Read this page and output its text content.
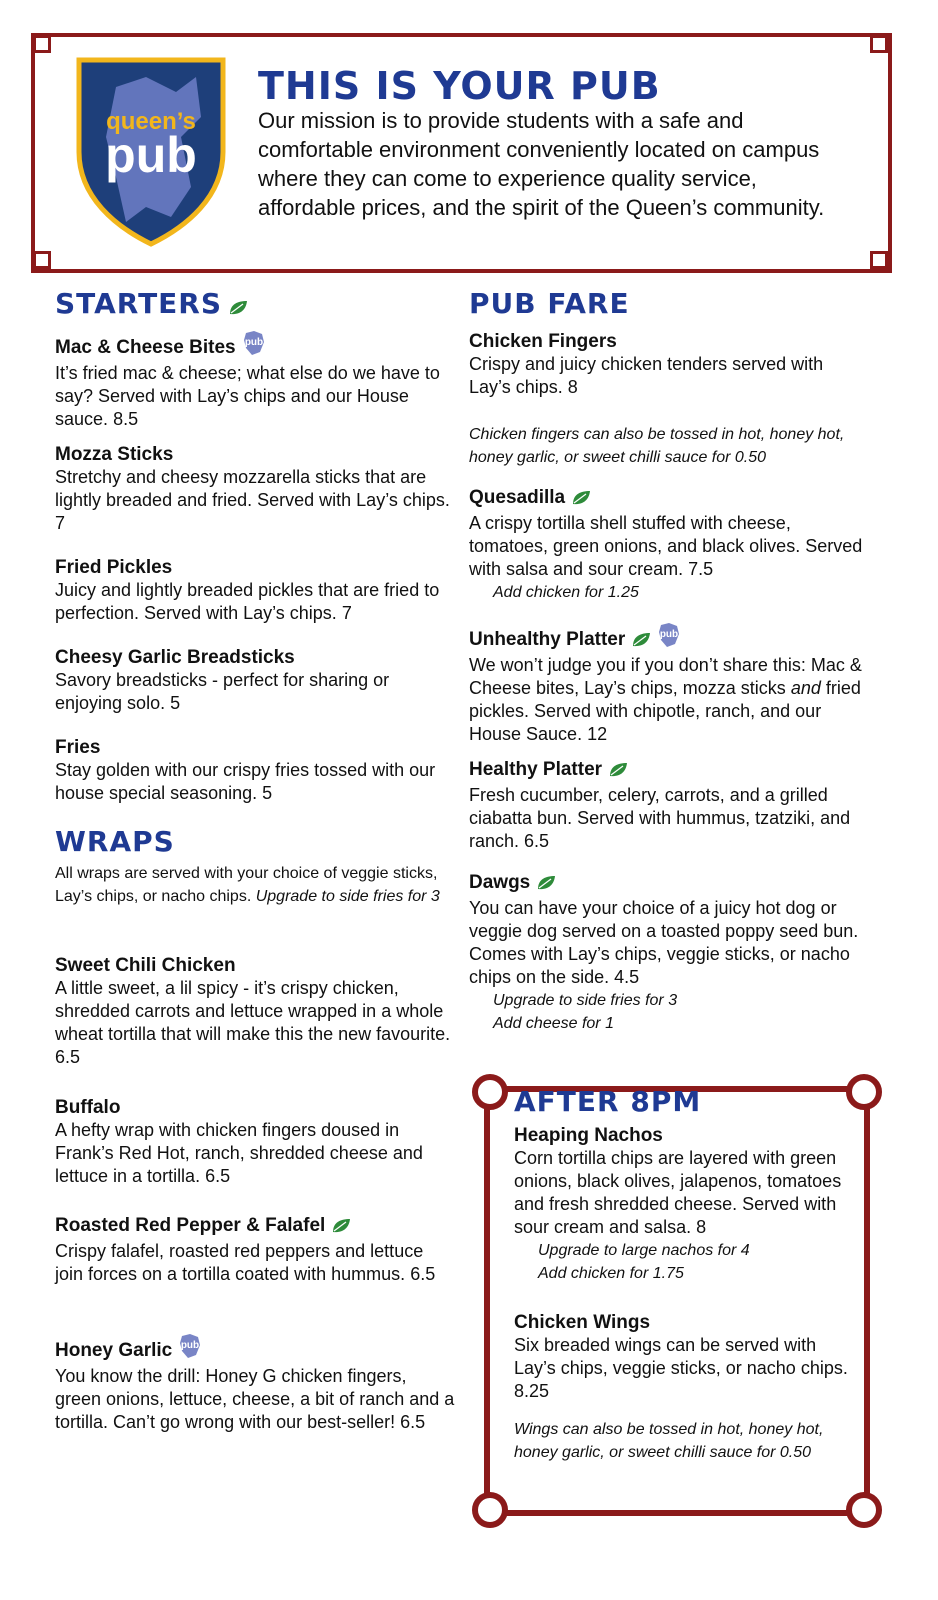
queen’s
pub
THIS IS YOUR PUB
Our mission is to provide students with a safe and comfortable environment conveniently located on campus where they can come to experience quality service, affordable prices, and the spirit of the Queen’s community.
STARTERS
Mac & Cheese Bites pub
It’s fried mac & cheese; what else do we have to say? Served with Lay’s chips and our House sauce. 8.5
Mozza Sticks
Stretchy and cheesy mozzarella sticks that are lightly breaded and fried. Served with Lay’s chips. 7
Fried Pickles
Juicy and lightly breaded pickles that are fried to perfection. Served with Lay’s chips. 7
Cheesy Garlic Breadsticks
Savory breadsticks - perfect for sharing or enjoying solo. 5
Fries
Stay golden with our crispy fries tossed with our house special seasoning. 5
WRAPS
All wraps are served with your choice of veggie sticks, Lay’s chips, or nacho chips. Upgrade to side fries for 3
Sweet Chili Chicken
A little sweet, a lil spicy - it’s crispy chicken, shredded carrots and lettuce wrapped in a whole wheat tortilla that will make this the new favourite. 6.5
Buffalo
A hefty wrap with chicken fingers doused in Frank’s Red Hot, ranch, shredded cheese and lettuce in a tortilla. 6.5
Roasted Red Pepper & Falafel
Crispy falafel, roasted red peppers and lettuce join forces on a tortilla coated with hummus. 6.5
Honey Garlic pub
You know the drill: Honey G chicken fingers, green onions, lettuce, cheese, a bit of ranch and a tortilla. Can’t go wrong with our best-seller! 6.5
PUB FARE
Chicken Fingers
Crispy and juicy chicken tenders served with Lay’s chips. 8
Quesadilla
A crispy tortilla shell stuffed with cheese, tomatoes, green onions, and black olives. Served with salsa and sour cream. 7.5
Add chicken for 1.25
Unhealthy Platter	pub
We won’t judge you if you don’t share this: Mac & Cheese bites, Lay’s chips, mozza sticks and fried pickles. Served with chipotle, ranch, and our House Sauce. 12
Healthy Platter
Fresh cucumber, celery, carrots, and a grilled ciabatta bun. Served with hummus, tzatziki, and ranch. 6.5
Dawgs
You can have your choice of a juicy hot dog or veggie dog served on a toasted poppy seed bun. Comes with Lay’s chips, veggie sticks, or nacho chips on the side. 4.5
Upgrade to side fries for 3
Add cheese for 1
Chicken fingers can also be tossed in hot, honey hot, honey garlic, or sweet chilli sauce for 0.50
AFTER 8PM
Heaping Nachos
Corn tortilla chips are layered with green onions, black olives, jalapenos, tomatoes and fresh shredded cheese. Served with sour cream and salsa. 8
Upgrade to large nachos for 4
Add chicken for 1.75
Chicken Wings
Six breaded wings can be served with Lay’s chips, veggie sticks, or nacho chips. 8.25
Wings can also be tossed in hot, honey hot, honey garlic, or sweet chilli sauce for 0.50
